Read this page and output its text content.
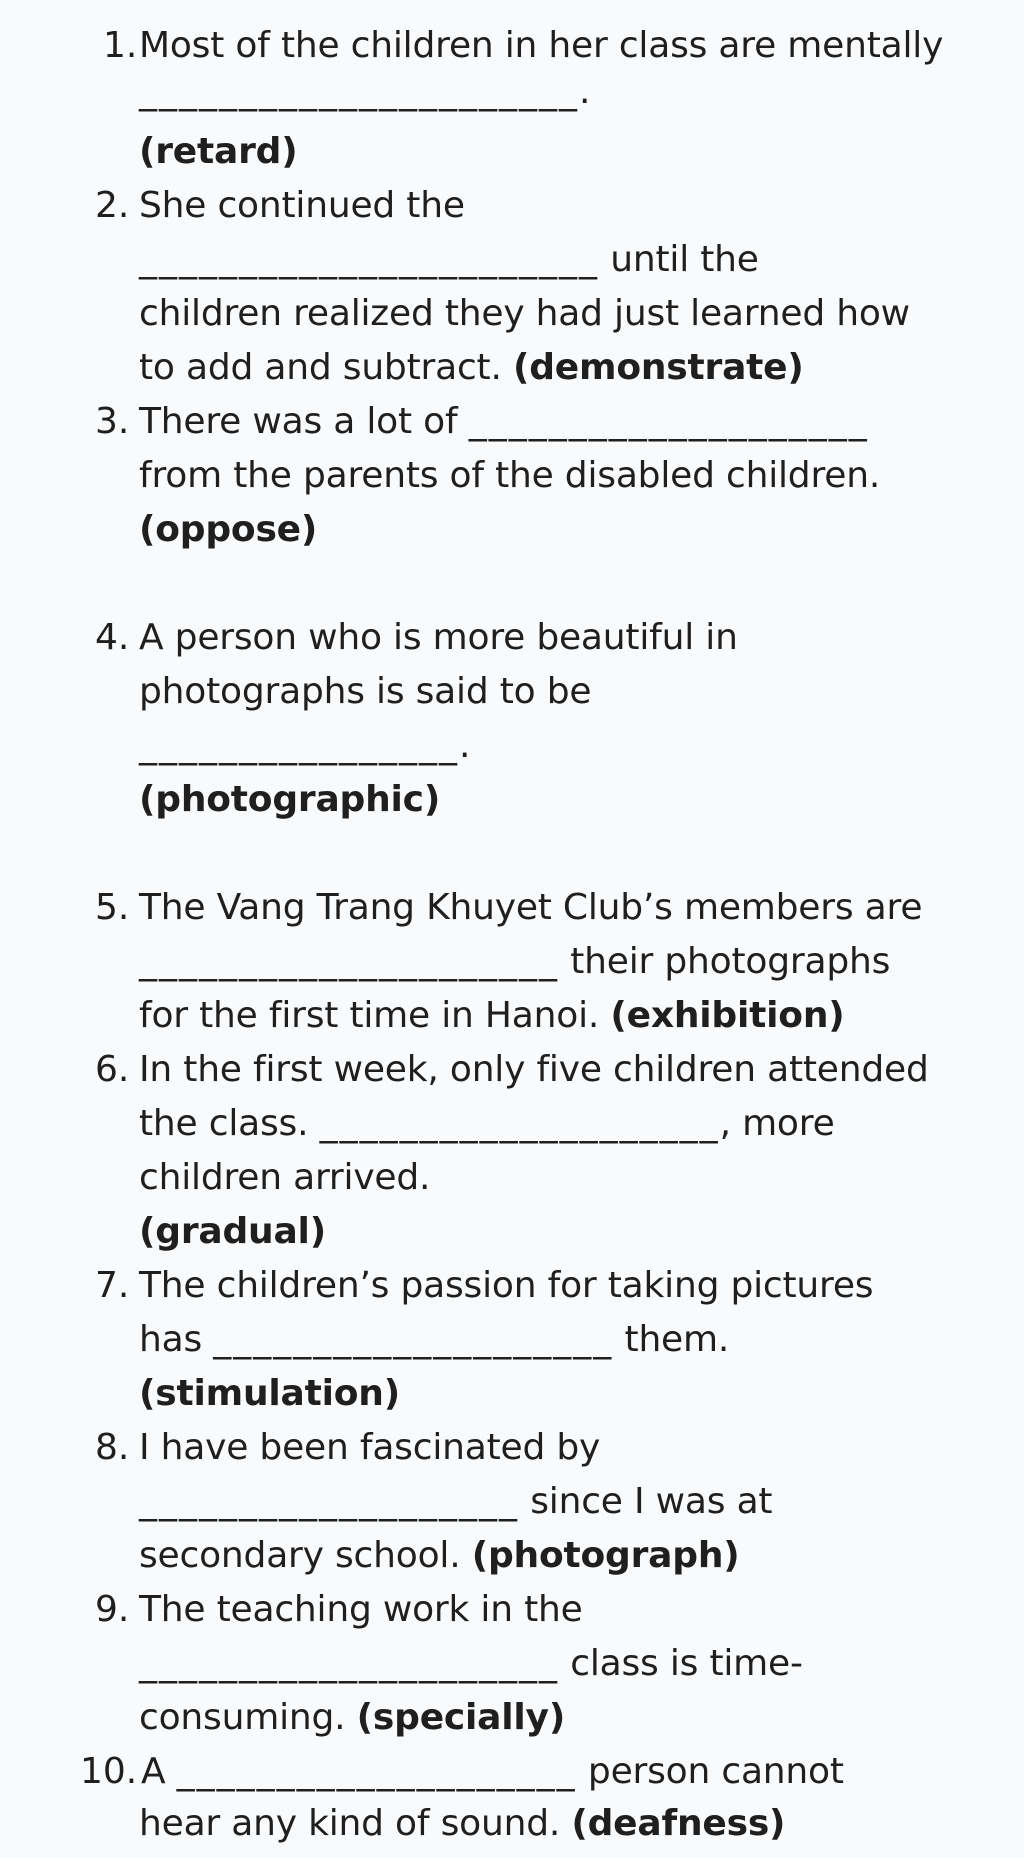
1. Most of the children in her class are mentally
______________________.
(retard)
2. She continued the
_______________________ until the
children realized they had just learned how
to add and subtract. (demonstrate)
3. There was a lot of ____________________
from the parents of the disabled children.
(oppose)
4. A person who is more beautiful in
photographs is said to be
________________.
(photographic)
5. The Vang Trang Khuyet Club’s members are
_____________________ their photographs
for the first time in Hanoi. (exhibition)
6. In the first week, only five children attended
the class. ____________________, more
children arrived.
(gradual)
7. The children’s passion for taking pictures
has ____________________ them.
(stimulation)
8. I have been fascinated by
___________________ since I was at
secondary school. (photograph)
9. The teaching work in the
_____________________ class is time-
consuming. (specially)
10. A ____________________ person cannot
hear any kind of sound. (deafness)
